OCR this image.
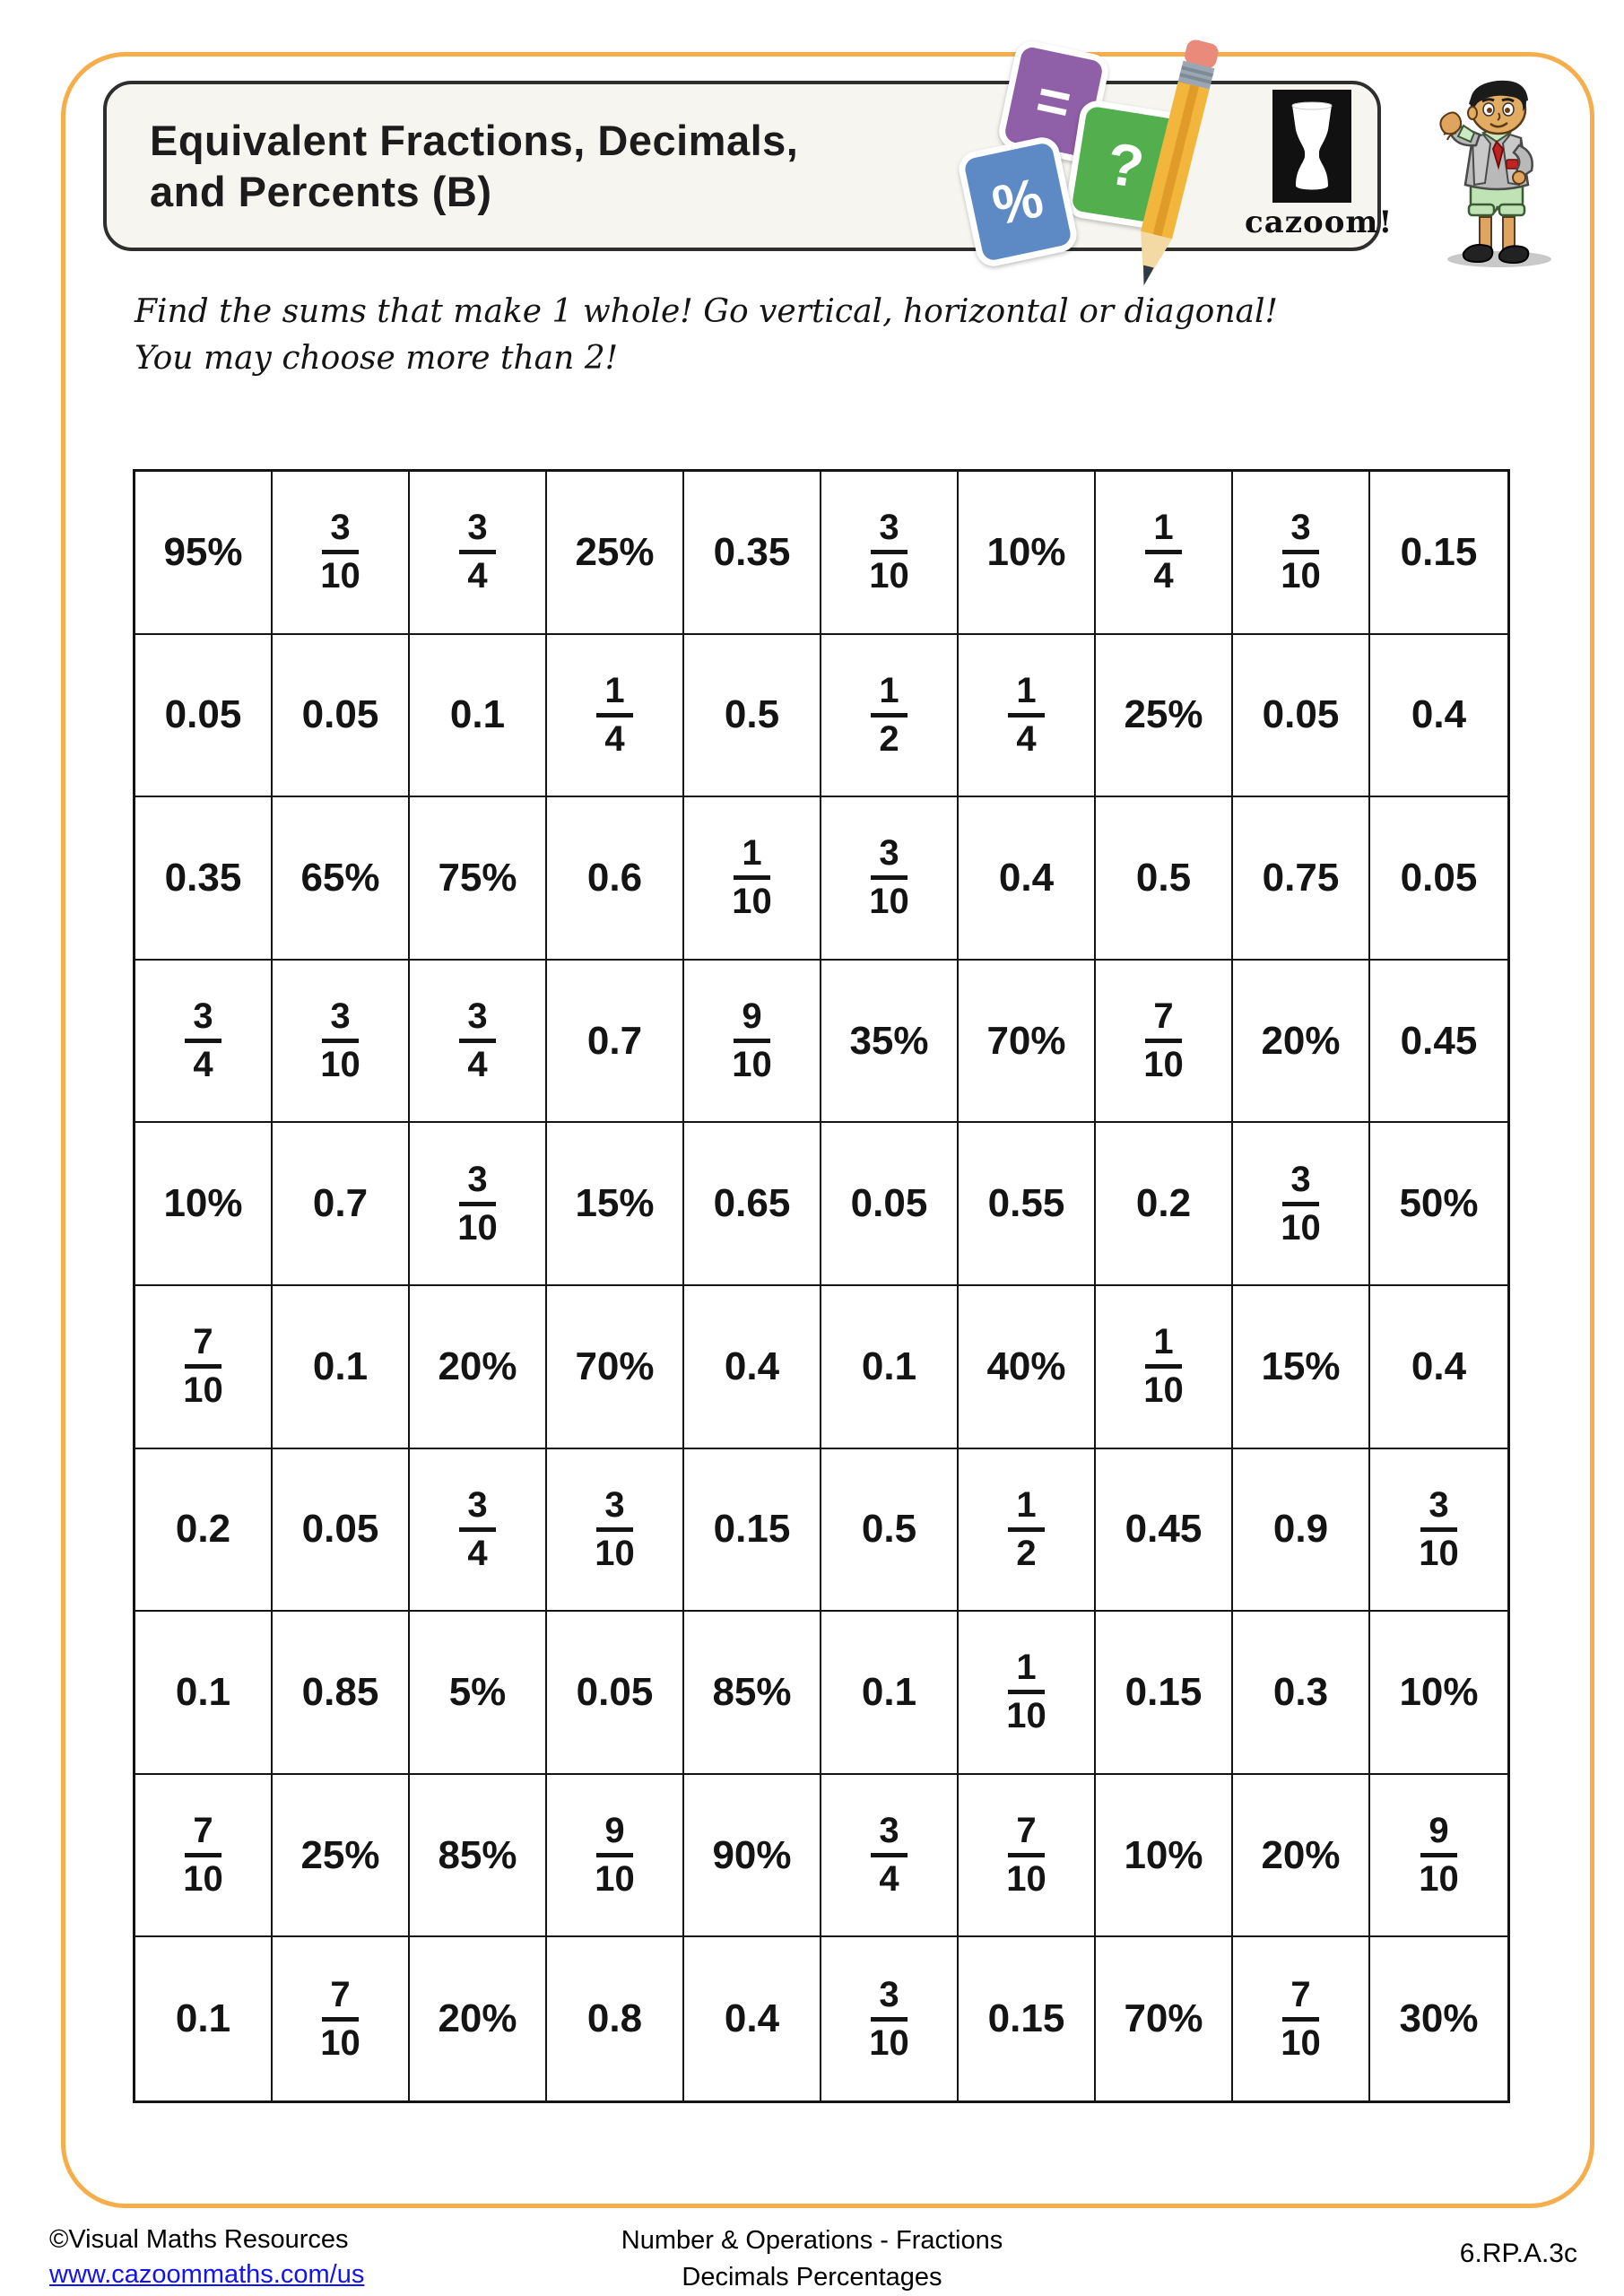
Equivalent Fractions, Decimals,
and Percents (B)
=
?
%	cazoom!
Find the sums that make 1 whole! Go vertical, horizontal or diagonal!
You may choose more than 2!
95%	$\frac{3}{10}$	$\frac{3}{4}$	25%	0.35	$\frac{3}{10}$	10%	$\frac{1}{4}$	$\frac{3}{10}$	0.15
0.05	0.05	0.1	$\frac{1}{4}$	0.5	$\frac{1}{2}$	$\frac{1}{4}$	25%	0.05	0.4
0.35	65%	75%	0.6	$\frac{1}{10}$	$\frac{3}{10}$	0.4	0.5	0.75	0.05
$\frac{3}{4}$	$\frac{3}{10}$	$\frac{3}{4}$	0.7	$\frac{9}{10}$	35%	70%	$\frac{7}{10}$	20%	0.45
10%	0.7	$\frac{3}{10}$	15%	0.65	0.05	0.55	0.2	$\frac{3}{10}$	50%
$\frac{7}{10}$	0.1	20%	70%	0.4	0.1	40%	$\frac{1}{10}$	15%	0.4
0.2	0.05	$\frac{3}{4}$	$\frac{3}{10}$	0.15	0.5	$\frac{1}{2}$	0.45	0.9	$\frac{3}{10}$
0.1	0.85	5%	0.05	85%	0.1	$\frac{1}{10}$	0.15	0.3	10%
$\frac{7}{10}$	25%	85%	$\frac{9}{10}$	90%	$\frac{3}{4}$	$\frac{7}{10}$	10%	20%	$\frac{9}{10}$
0.1	$\frac{7}{10}$	20%	0.8	0.4	$\frac{3}{10}$	0.15	70%	$\frac{7}{10}$	30%
©Visual Maths Resources
www.cazoommaths.com/us
Number & Operations - Fractions
Decimals Percentages
6.RP.A.3c
